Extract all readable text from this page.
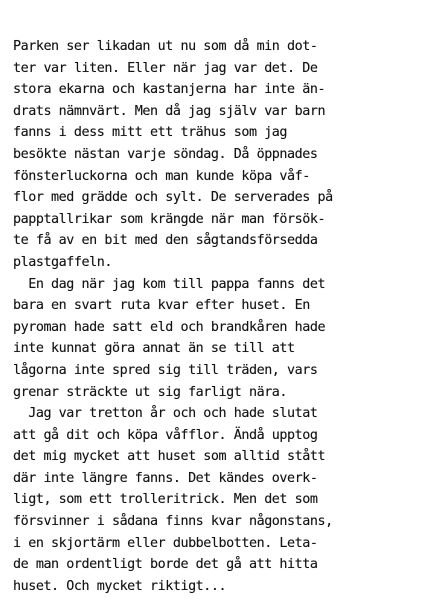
Parken ser likadan ut nu som då min dot-
ter var liten. Eller när jag var det. De
stora ekarna och kastanjerna har inte än-
drats nämnvärt. Men då jag själv var barn
fanns i dess mitt ett trähus som jag
besökte nästan varje söndag. Då öppnades
fönsterluckorna och man kunde köpa våf-
flor med grädde och sylt. De serverades på
papptallrikar som krängde när man försök-
te få av en bit med den sågtandsförsedda
plastgaffeln.
En dag när jag kom till pappa fanns det
bara en svart ruta kvar efter huset. En
pyroman hade satt eld och brandkåren hade
inte kunnat göra annat än se till att
lågorna inte spred sig till träden, vars
grenar sträckte ut sig farligt nära.
Jag var tretton år och och hade slutat
att gå dit och köpa våfflor. Ändå upptog
det mig mycket att huset som alltid stått
där inte längre fanns. Det kändes overk-
ligt, som ett trolleritrick. Men det som
försvinner i sådana finns kvar någonstans,
i en skjortärm eller dubbelbotten. Leta-
de man ordentligt borde det gå att hitta
huset. Och mycket riktigt...
